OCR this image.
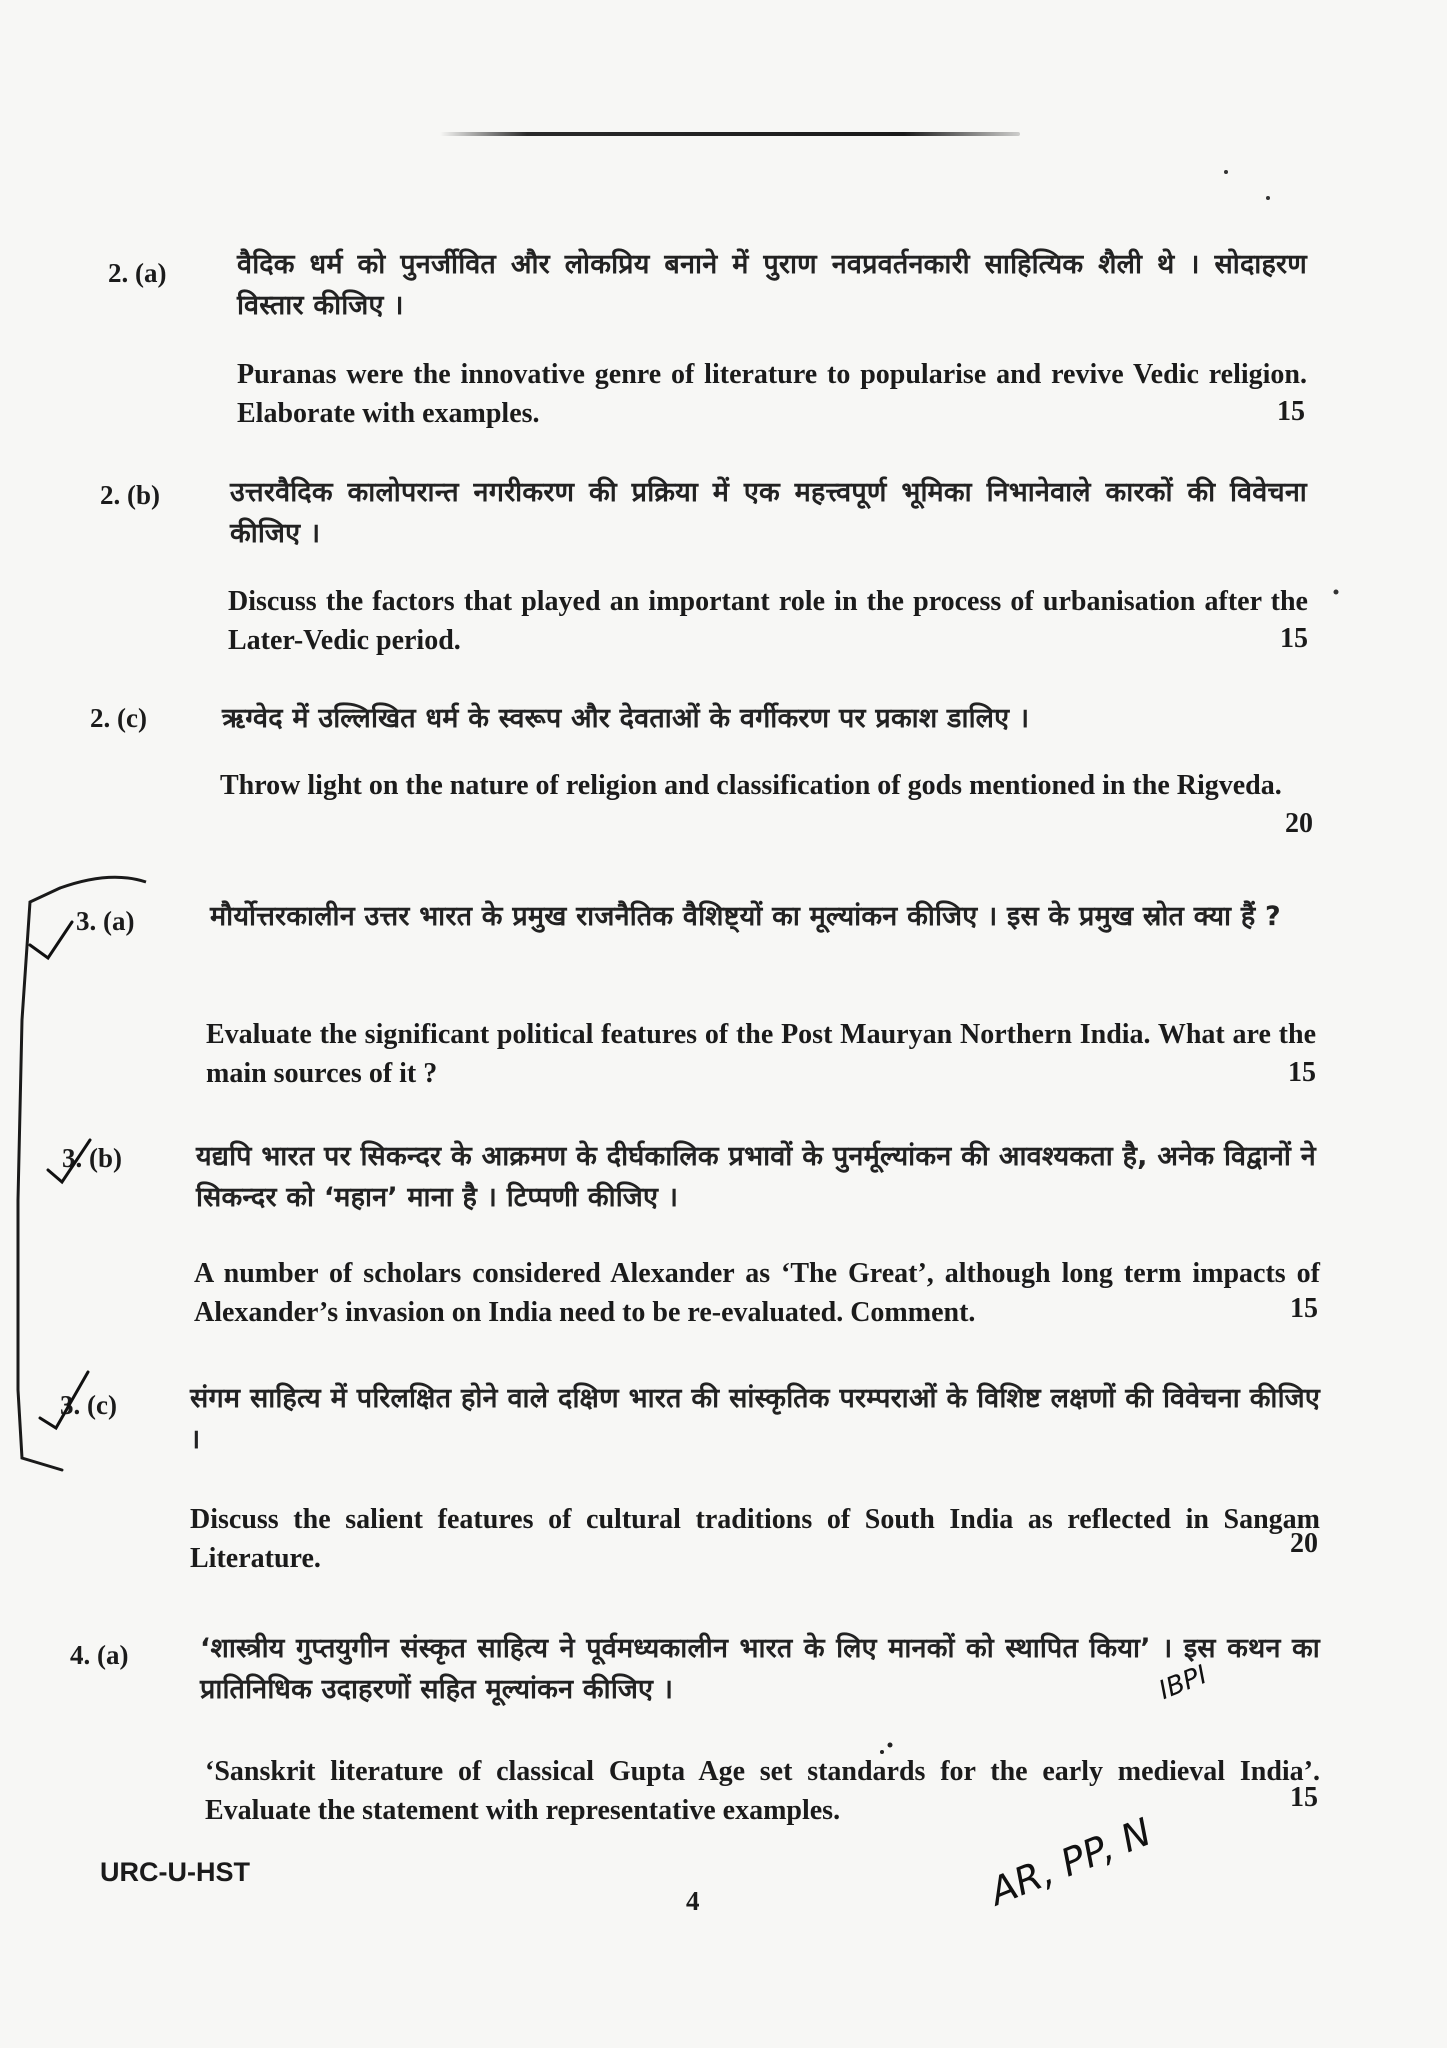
2. (a)	वैदिक धर्म को पुनर्जीवित और लोकप्रिय बनाने में पुराण नवप्रवर्तनकारी साहित्यिक शैली थे । सोदाहरण विस्तार कीजिए ।
Puranas were the innovative genre of literature to popularise and revive Vedic religion. Elaborate with examples.	15
2. (b)	उत्तरवैदिक कालोपरान्त नगरीकरण की प्रक्रिया में एक महत्त्वपूर्ण भूमिका निभानेवाले कारकों की विवेचना कीजिए ।
Discuss the factors that played an important role in the process of urbanisation after the Later-Vedic period.	15
2. (c)	ऋग्वेद में उल्लिखित धर्म के स्वरूप और देवताओं के वर्गीकरण पर प्रकाश डालिए ।
Throw light on the nature of religion and classification of gods mentioned in the Rigveda.
20
3. (a)	मौर्योत्तरकालीन उत्तर भारत के प्रमुख राजनैतिक वैशिष्ट्यों का मूल्यांकन कीजिए । इस के प्रमुख स्रोत क्या हैं ?
Evaluate the significant political features of the Post Mauryan Northern India. What are the main sources of it ?	15
3. (b)	यद्यपि भारत पर सिकन्दर के आक्रमण के दीर्घकालिक प्रभावों के पुनर्मूल्यांकन की आवश्यकता है, अनेक विद्वानों ने सिकन्दर को ‘महान’ माना है । टिप्पणी कीजिए ।
A number of scholars considered Alexander as ‘The Great’, although long term impacts of Alexander’s invasion on India need to be re-evaluated. Comment.	15
3. (c)	संगम साहित्य में परिलक्षित होने वाले दक्षिण भारत की सांस्कृतिक परम्पराओं के विशिष्ट लक्षणों की विवेचना कीजिए ।
Discuss the salient features of cultural traditions of South India as reflected in Sangam Literature.	20
4. (a)	‘शास्त्रीय गुप्तयुगीन संस्कृत साहित्य ने पूर्वमध्यकालीन भारत के लिए मानकों को स्थापित किया’ । इस कथन का प्रातिनिधिक उदाहरणों सहित मूल्यांकन कीजिए ।
‘Sanskrit literature of classical Gupta Age set standards for the early medieval India’. Evaluate the statement with representative examples.	15
URC-U-HST
4
IBPI
AR, PP, N
